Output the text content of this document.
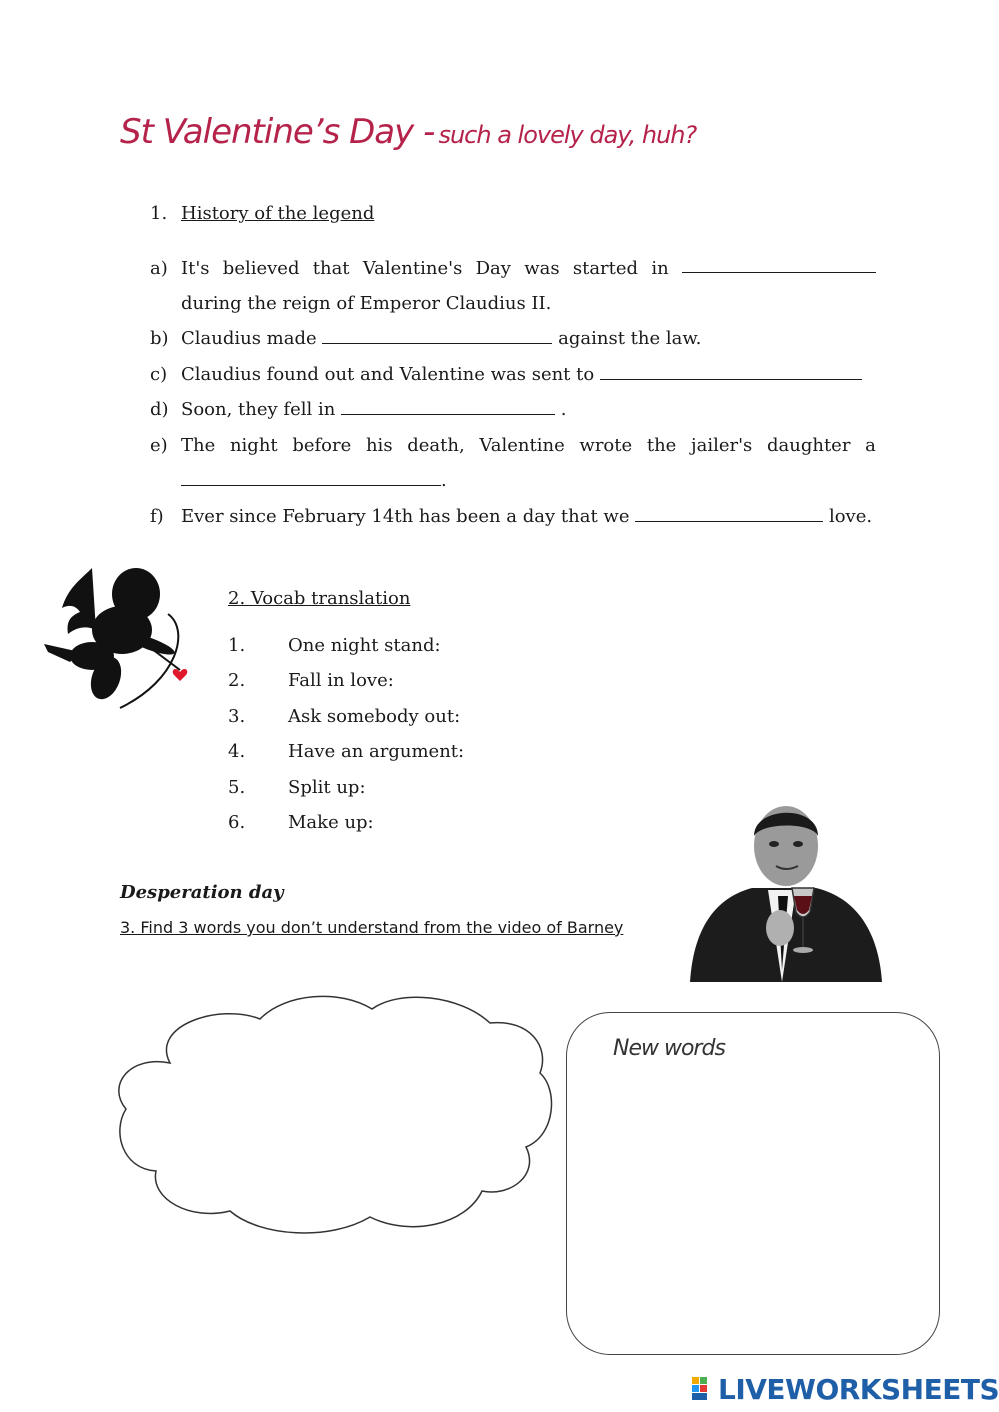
St Valentine’s Day - such a lovely day, huh?
1. History of the legend
a) It's believed that Valentine's Day was started in
during the reign of Emperor Claudius II.
b) Claudius made	against the law.
c) Claudius found out and Valentine was sent to
d) Soon, they fell in	.
e) The night before his death, Valentine wrote the jailer's daughter a
.
f) Ever since February 14th has been a day that we	love.
2. Vocab translation
1. One night stand:
2. Fall in love:
3. Ask somebody out:
4. Have an argument:
5. Split up:
6. Make up:
Desperation day
3. Find 3 words you don’t understand from the video of Barney
New words
LIVEWORKSHEETS
